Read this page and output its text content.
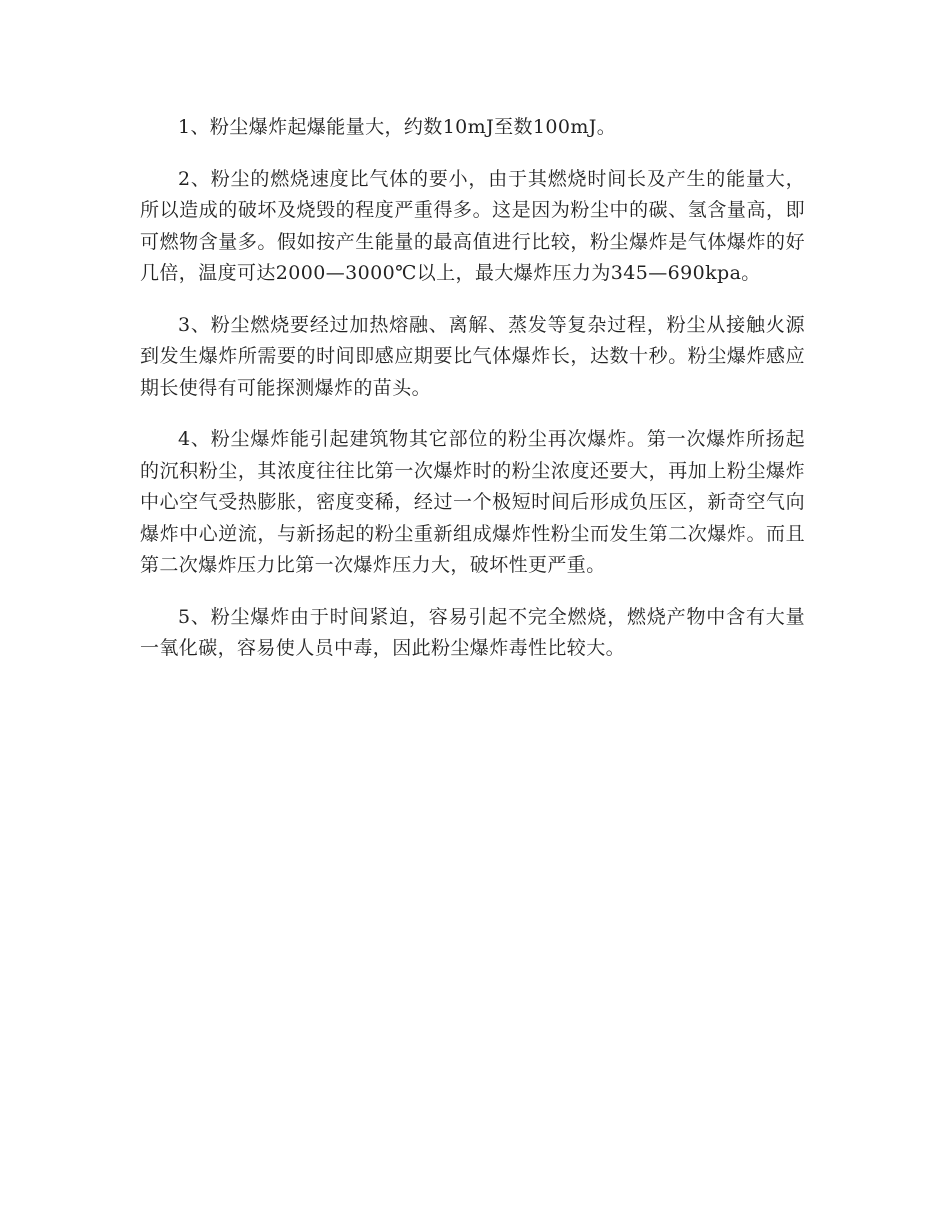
1、粉尘爆炸起爆能量大，约数10mJ至数100mJ。

2、粉尘的燃烧速度比气体的要小，由于其燃烧时间长及产生的能量大，所以造成的破坏及烧毁的程度严重得多。这是因为粉尘中的碳、氢含量高，即可燃物含量多。假如按产生能量的最高值进行比较，粉尘爆炸是气体爆炸的好几倍，温度可达2000—3000℃以上，最大爆炸压力为345—690kpa。

3、粉尘燃烧要经过加热熔融、离解、蒸发等复杂过程，粉尘从接触火源到发生爆炸所需要的时间即感应期要比气体爆炸长，达数十秒。粉尘爆炸感应期长使得有可能探测爆炸的苗头。

4、粉尘爆炸能引起建筑物其它部位的粉尘再次爆炸。第一次爆炸所扬起的沉积粉尘，其浓度往往比第一次爆炸时的粉尘浓度还要大，再加上粉尘爆炸中心空气受热膨胀，密度变稀，经过一个极短时间后形成负压区，新奇空气向爆炸中心逆流，与新扬起的粉尘重新组成爆炸性粉尘而发生第二次爆炸。而且第二次爆炸压力比第一次爆炸压力大，破坏性更严重。

5、粉尘爆炸由于时间紧迫，容易引起不完全燃烧，燃烧产物中含有大量一氧化碳，容易使人员中毒，因此粉尘爆炸毒性比较大。
